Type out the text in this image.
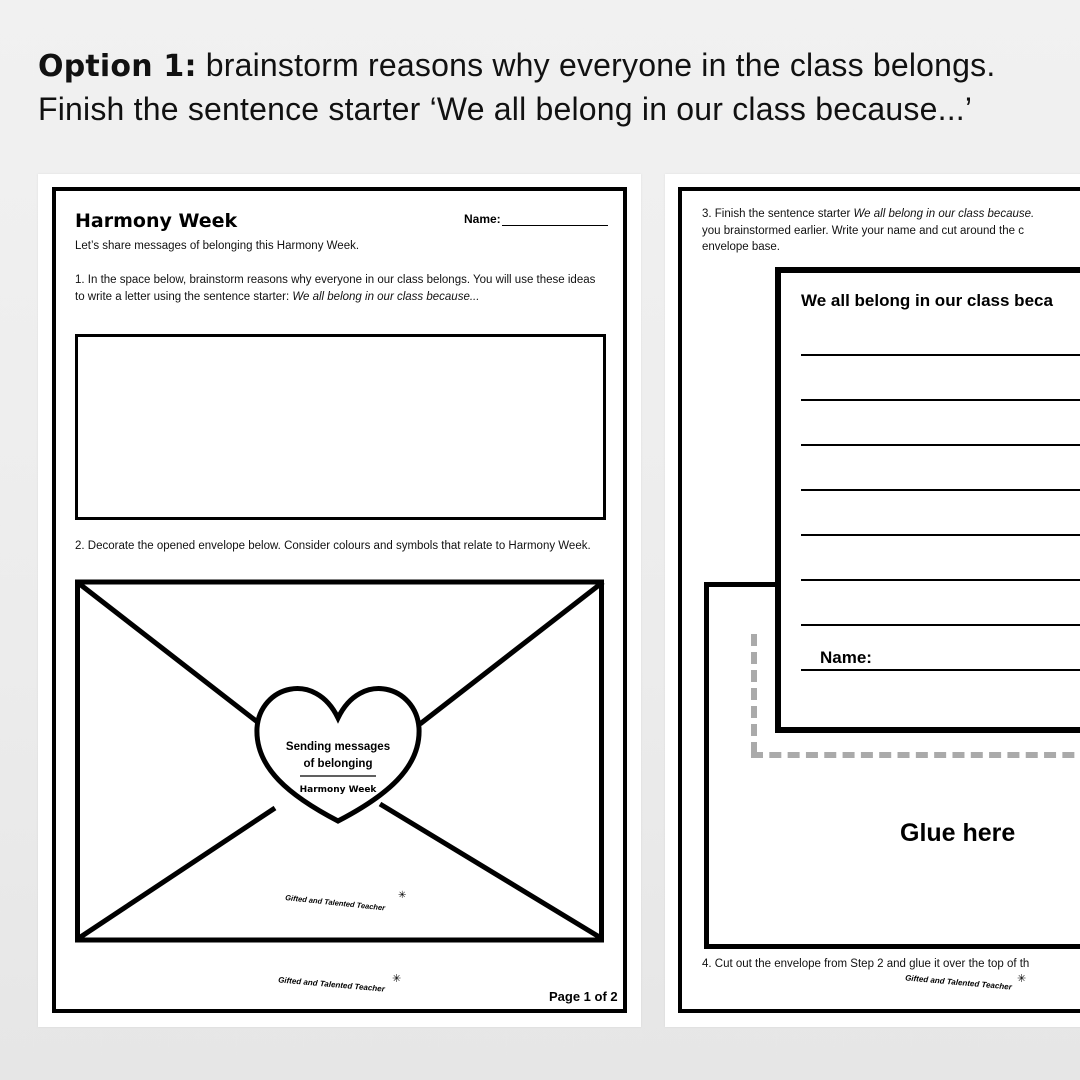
Option 1: brainstorm reasons why everyone in the class belongs.
Finish the sentence starter ‘We all belong in our class because...’
Harmony Week	Name:
Let’s share messages of belonging this Harmony Week.
1. In the space below, brainstorm reasons why everyone in our class belongs. You will use these ideas to write a letter using the sentence starter: We all belong in our class because...
2. Decorate the opened envelope below. Consider colours and symbols that relate to Harmony Week.
Sending messages
of belonging
Harmony Week
Gifted and Talented Teacher ✳
Gifted and Talented Teacher ✳
Page 1 of 2
3. Finish the sentence starter We all belong in our class because.
you brainstormed earlier. Write your name and cut around the c
envelope base.
Glue here
We all belong in our class beca
Name:
4. Cut out the envelope from Step 2 and glue it over the top of th
Gifted and Talented Teacher ✳
